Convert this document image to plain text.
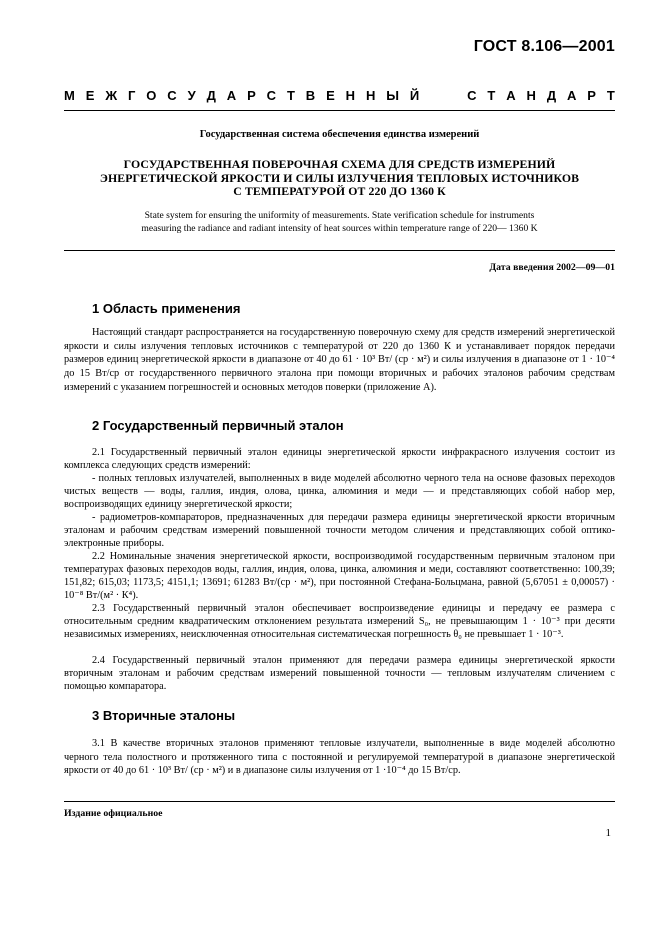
ГОСТ 8.106—2001
М Е Ж Г О С У Д А Р С Т В Е Н Н Ы Й	С Т А Н Д А Р Т
Государственная система обеспечения единства измерений
ГОСУДАРСТВЕННАЯ ПОВЕРОЧНАЯ СХЕМА ДЛЯ СРЕДСТВ ИЗМЕРЕНИЙ
ЭНЕРГЕТИЧЕСКОЙ ЯРКОСТИ И СИЛЫ ИЗЛУЧЕНИЯ ТЕПЛОВЫХ ИСТОЧНИКОВ
С ТЕМПЕРАТУРОЙ ОТ 220 ДО 1360 К
State system for ensuring the uniformity of measurements. State verification schedule for instruments
measuring the radiance and radiant intensity of heat sources within temperature range of 220— 1360 K
Дата введения 2002—09—01
1 Область применения

Настоящий стандарт распространяется на государственную поверочную схему для средств измерений энергетической яркости и силы излучения тепловых источников с температурой от 220 до 1360 К и устанавливает порядок передачи размеров единиц энергетической яркости в диапазоне от 40 до 61 · 10³ Вт/ (ср · м²) и силы излучения в диапазоне от 1 · 10⁻⁴ до 15 Вт/ср от государственного первичного эталона при помощи вторичных и рабочих эталонов рабочим средствам измерений с указанием погрешностей и основных методов поверки (приложение А).

2 Государственный первичный эталон

2.1 Государственный первичный эталон единицы энергетической яркости инфракрасного излучения состоит из комплекса следующих средств измерений:

- полных тепловых излучателей, выполненных в виде моделей абсолютно черного тела на основе фазовых переходов чистых веществ — воды, галлия, индия, олова, цинка, алюминия и меди — и представляющих собой набор мер, воспроизводящих единицу энергетической яркости;

- радиометров-компараторов, предназначенных для передачи размера единицы энергетической яркости вторичным эталонам и рабочим средствам измерений повышенной точности методом сличения и представляющих собой оптико-электронные приборы.

2.2 Номинальные значения энергетической яркости, воспроизводимой государственным первичным эталоном при температурах фазовых переходов воды, галлия, индия, олова, цинка, алюминия и меди, составляют соответственно: 100,39; 151,82; 615,03; 1173,5; 4151,1; 13691; 61283 Вт/(ср · м²), при постоянной Стефана-Больцмана, равной (5,67051 ± 0,00057) · 10⁻⁸ Вт/(м² · К⁴).

2.3 Государственный первичный эталон обеспечивает воспроизведение единицы и передачу ее размера с относительным средним квадратическим отклонением результата измерений S₀, не превышающим 1 · 10⁻³ при десяти независимых измерениях, неисключенная относительная систематическая погрешность θ₀ не превышает 1 · 10⁻³.

2.4 Государственный первичный эталон применяют для передачи размера единицы энергетической яркости вторичным эталонам и рабочим средствам измерений повышенной точности — тепловым излучателям сличением с помощью компаратора.

3 Вторичные эталоны

3.1 В качестве вторичных эталонов применяют тепловые излучатели, выполненные в виде моделей абсолютно черного тела полостного и протяженного типа с постоянной и регулируемой температурой в диапазоне энергетической яркости от 40 до 61 · 10³ Вт/ (ср · м²) и в диапазоне силы излучения от 1 ·10⁻⁴ до 15 Вт/ср.

Издание официальное
1
